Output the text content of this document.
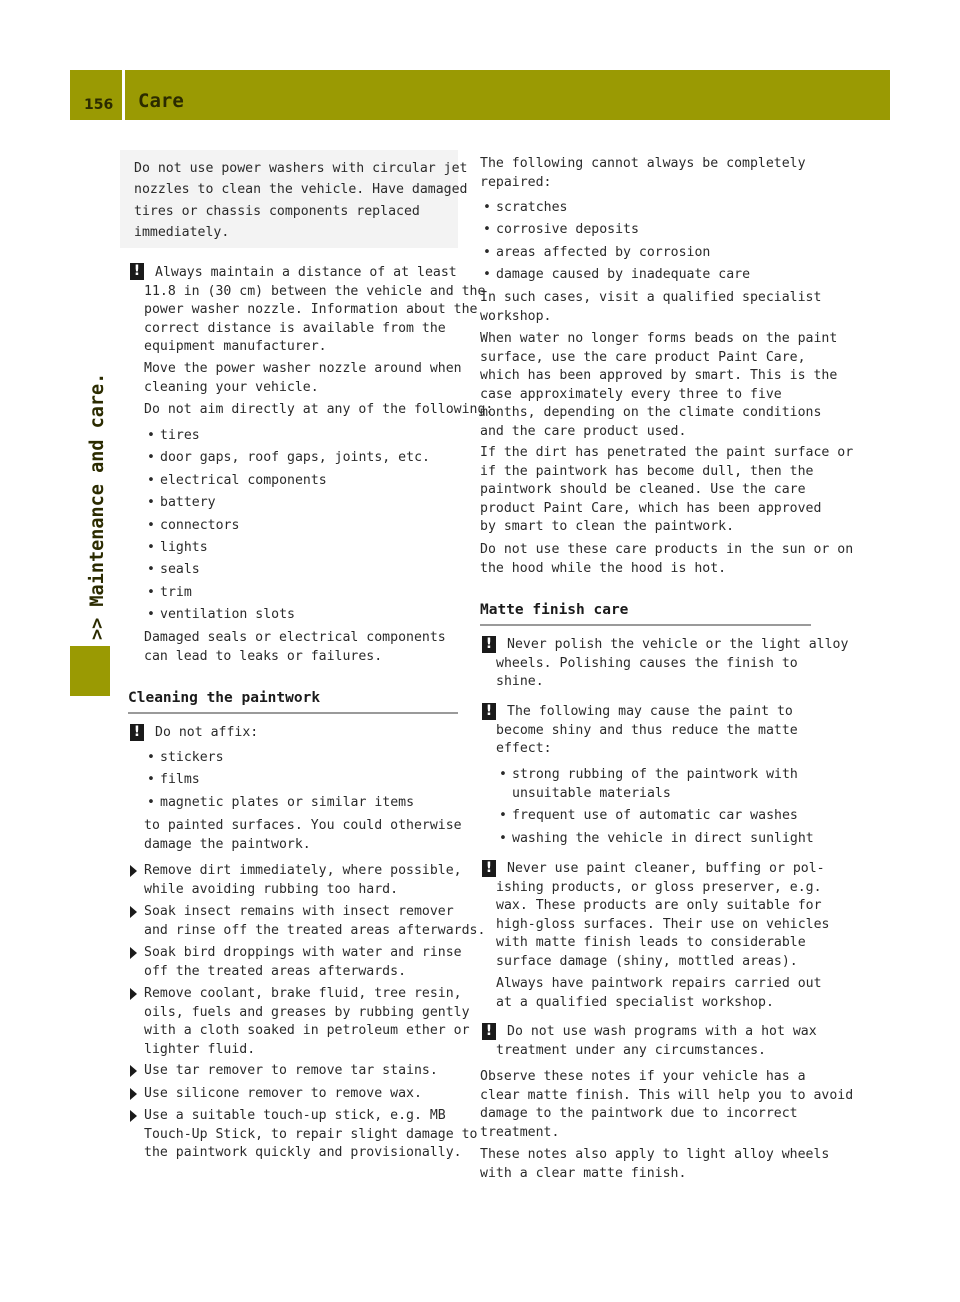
156 Care
>> Maintenance and care.
Do not use power washers with circular jet
nozzles to clean the vehicle. Have damaged
tires or chassis components replaced
immediately.
! Always maintain a distance of at least
11.8 in (30 cm) between the vehicle and the
power washer nozzle. Information about the
correct distance is available from the
equipment manufacturer.
Move the power washer nozzle around when
cleaning your vehicle.
Do not aim directly at any of the following:
• tires
• door gaps, roof gaps, joints, etc.
• electrical components
• battery
• connectors
• lights
• seals
• trim
• ventilation slots
Damaged seals or electrical components
can lead to leaks or failures.
Cleaning the paintwork
! Do not affix:
• stickers
• films
• magnetic plates or similar items
to painted surfaces. You could otherwise
damage the paintwork.
Remove dirt immediately, where possible,
while avoiding rubbing too hard.
Soak insect remains with insect remover
and rinse off the treated areas afterwards.
Soak bird droppings with water and rinse
off the treated areas afterwards.
Remove coolant, brake fluid, tree resin,
oils, fuels and greases by rubbing gently
with a cloth soaked in petroleum ether or
lighter fluid.
Use tar remover to remove tar stains.
Use silicone remover to remove wax.
Use a suitable touch-up stick, e.g. MB
Touch-Up Stick, to repair slight damage to
the paintwork quickly and provisionally.
The following cannot always be completely
repaired:
• scratches
• corrosive deposits
• areas affected by corrosion
• damage caused by inadequate care
In such cases, visit a qualified specialist
workshop.
When water no longer forms beads on the paint
surface, use the care product Paint Care,
which has been approved by smart. This is the
case approximately every three to five
months, depending on the climate conditions
and the care product used.
If the dirt has penetrated the paint surface or
if the paintwork has become dull, then the
paintwork should be cleaned. Use the care
product Paint Care, which has been approved
by smart to clean the paintwork.
Do not use these care products in the sun or on
the hood while the hood is hot.
Matte finish care
! Never polish the vehicle or the light alloy
wheels. Polishing causes the finish to
shine.
! The following may cause the paint to
become shiny and thus reduce the matte
effect:
• strong rubbing of the paintwork with
unsuitable materials
• frequent use of automatic car washes
• washing the vehicle in direct sunlight
! Never use paint cleaner, buffing or pol-
ishing products, or gloss preserver, e.g.
wax. These products are only suitable for
high-gloss surfaces. Their use on vehicles
with matte finish leads to considerable
surface damage (shiny, mottled areas).
Always have paintwork repairs carried out
at a qualified specialist workshop.
! Do not use wash programs with a hot wax
treatment under any circumstances.
Observe these notes if your vehicle has a
clear matte finish. This will help you to avoid
damage to the paintwork due to incorrect
treatment.
These notes also apply to light alloy wheels
with a clear matte finish.
